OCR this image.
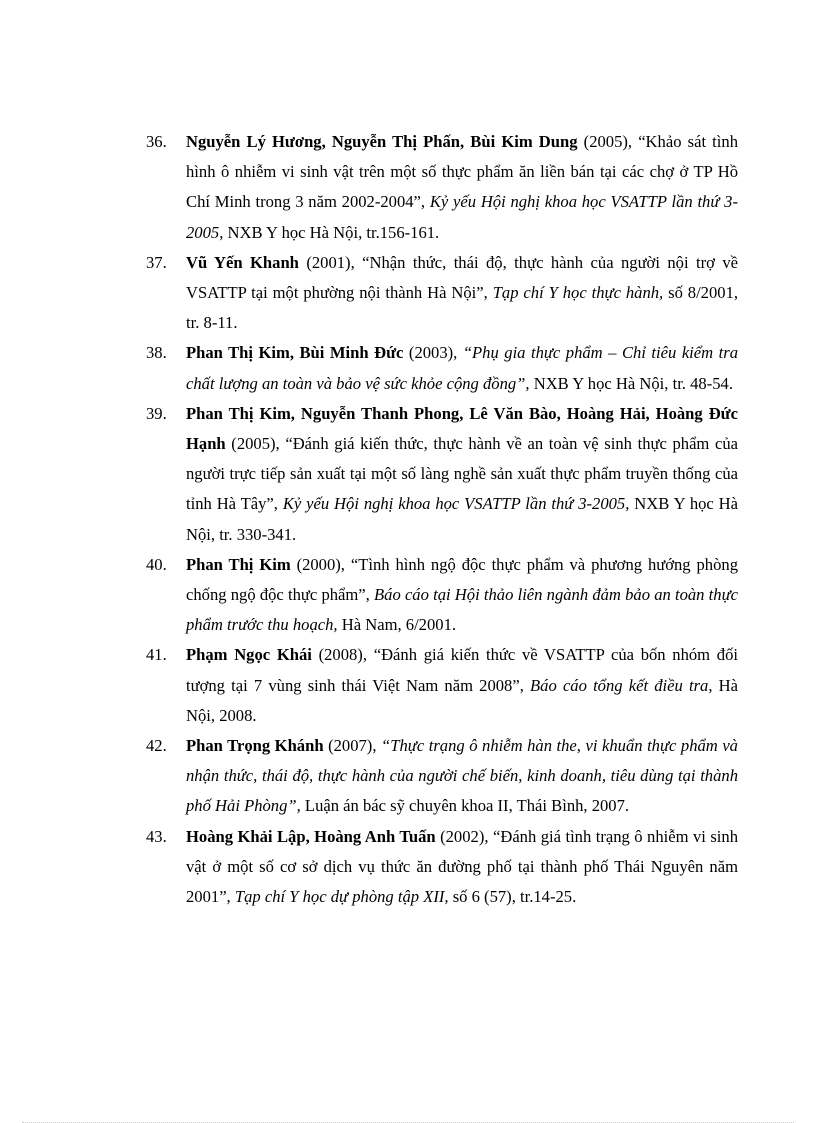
36. Nguyễn Lý Hương, Nguyễn Thị Phấn, Bùi Kim Dung (2005), “Khảo sát tình hình ô nhiễm vi sinh vật trên một số thực phẩm ăn liền bán tại các chợ ở TP Hồ Chí Minh trong 3 năm 2002-2004”, Kỷ yếu Hội nghị khoa học VSATTP lần thứ 3-2005, NXB Y học Hà Nội, tr.156-161.
37. Vũ Yến Khanh (2001), “Nhận thức, thái độ, thực hành của người nội trợ về VSATTP tại một phường nội thành Hà Nội”, Tạp chí Y học thực hành, số 8/2001, tr. 8-11.
38. Phan Thị Kim, Bùi Minh Đức (2003), “Phụ gia thực phẩm – Chỉ tiêu kiểm tra chất lượng an toàn và bảo vệ sức khỏe cộng đồng”, NXB Y học Hà Nội, tr. 48-54.
39. Phan Thị Kim, Nguyễn Thanh Phong, Lê Văn Bào, Hoàng Hải, Hoàng Đức Hạnh (2005), “Đánh giá kiến thức, thực hành về an toàn vệ sinh thực phẩm của người trực tiếp sản xuất tại một số làng nghề sản xuất thực phẩm truyền thống của tỉnh Hà Tây”, Kỷ yếu Hội nghị khoa học VSATTP lần thứ 3-2005, NXB Y học Hà Nội, tr. 330-341.
40. Phan Thị Kim (2000), “Tình hình ngộ độc thực phẩm và phương hướng phòng chống ngộ độc thực phẩm”, Báo cáo tại Hội thảo liên ngành đảm bảo an toàn thực phẩm trước thu hoạch, Hà Nam, 6/2001.
41. Phạm Ngọc Khái (2008), “Đánh giá kiến thức về VSATTP của bốn nhóm đối tượng tại 7 vùng sinh thái Việt Nam năm 2008”, Báo cáo tổng kết điều tra, Hà Nội, 2008.
42. Phan Trọng Khánh (2007), “Thực trạng ô nhiễm hàn the, vi khuẩn thực phẩm và nhận thức, thái độ, thực hành của người chế biến, kinh doanh, tiêu dùng tại thành phố Hải Phòng”, Luận án bác sỹ chuyên khoa II, Thái Bình, 2007.
43. Hoàng Khải Lập, Hoàng Anh Tuấn (2002), “Đánh giá tình trạng ô nhiễm vi sinh vật ở một số cơ sở dịch vụ thức ăn đường phố tại thành phố Thái Nguyên năm 2001”, Tạp chí Y học dự phòng tập XII, số 6 (57), tr.14-25.
